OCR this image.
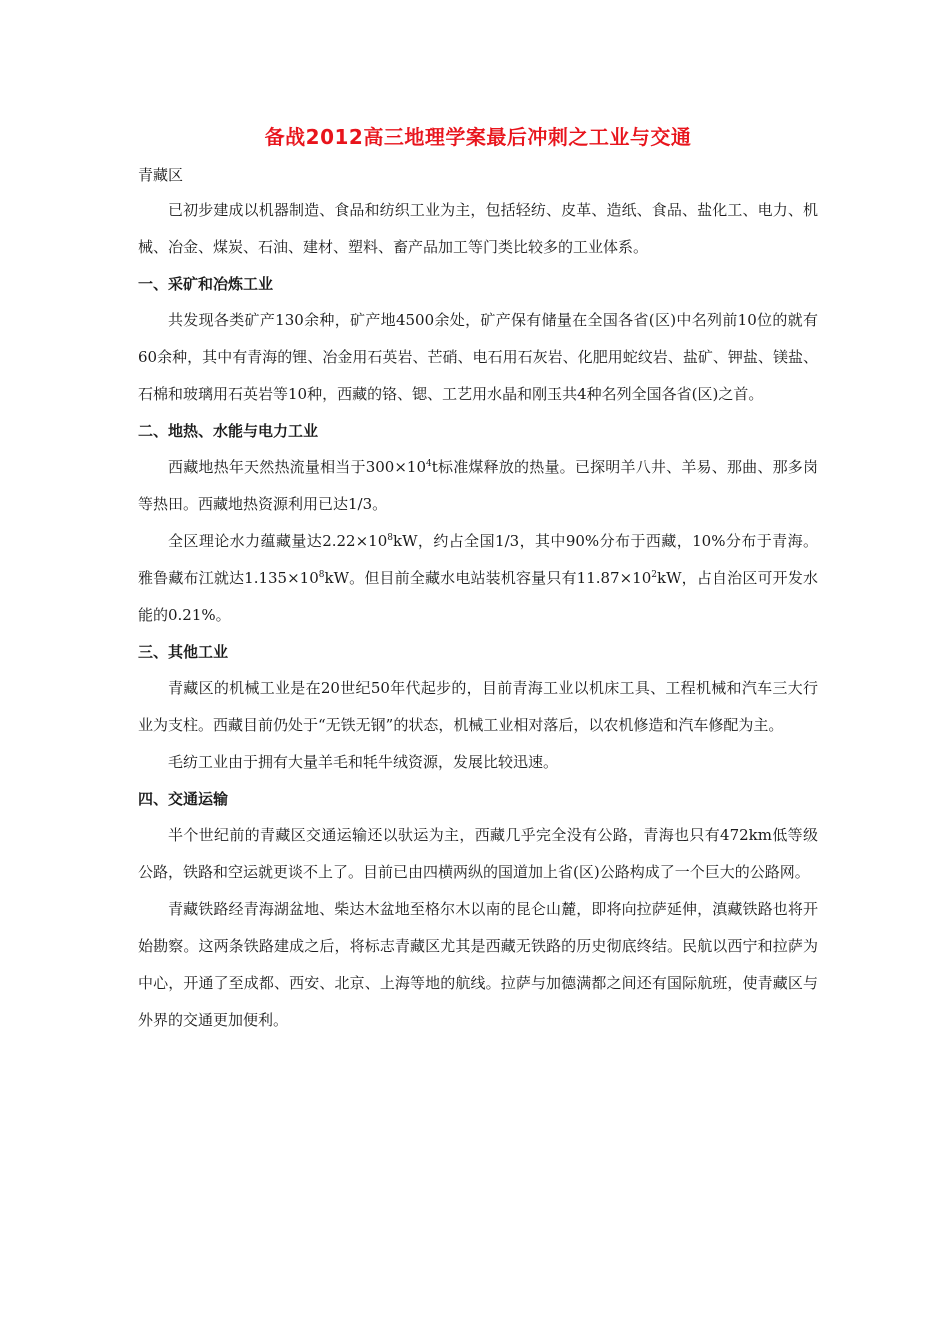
备战2012高三地理学案最后冲刺之工业与交通

青藏区

已初步建成以机器制造、食品和纺织工业为主，包括轻纺、皮革、造纸、食品、盐化工、电力、机械、冶金、煤炭、石油、建材、塑料、畜产品加工等门类比较多的工业体系。

一、采矿和冶炼工业

共发现各类矿产130余种，矿产地4500余处，矿产保有储量在全国各省(区)中名列前10位的就有60余种，其中有青海的锂、冶金用石英岩、芒硝、电石用石灰岩、化肥用蛇纹岩、盐矿、钾盐、镁盐、石棉和玻璃用石英岩等10种，西藏的铬、锶、工艺用水晶和刚玉共4种名列全国各省(区)之首。

二、地热、水能与电力工业

西藏地热年天然热流量相当于$300\times 10^4t$标准煤释放的热量。已探明羊八井、羊易、那曲、那多岗等热田。西藏地热资源利用已达1/3。

全区理论水力蕴藏量达$2.22\times 10^8kW$，约占全国1/3，其中90%分布于西藏，10%分布于青海。雅鲁藏布江就达$1.135\times 10^8kW$。但目前全藏水电站装机容量只有$11.87\times 10^2kW$，占自治区可开发水能的0.21%。

三、其他工业

青藏区的机械工业是在20世纪50年代起步的，目前青海工业以机床工具、工程机械和汽车三大行业为支柱。西藏目前仍处于“无铁无钢”的状态，机械工业相对落后，以农机修造和汽车修配为主。

毛纺工业由于拥有大量羊毛和牦牛绒资源，发展比较迅速。

四、交通运输

半个世纪前的青藏区交通运输还以驮运为主，西藏几乎完全没有公路，青海也只有472km低等级公路，铁路和空运就更谈不上了。目前已由四横两纵的国道加上省(区)公路构成了一个巨大的公路网。

青藏铁路经青海湖盆地、柴达木盆地至格尔木以南的昆仑山麓，即将向拉萨延伸，滇藏铁路也将开始勘察。这两条铁路建成之后，将标志青藏区尤其是西藏无铁路的历史彻底终结。民航以西宁和拉萨为中心，开通了至成都、西安、北京、上海等地的航线。拉萨与加德满都之间还有国际航班，使青藏区与外界的交通更加便利。
